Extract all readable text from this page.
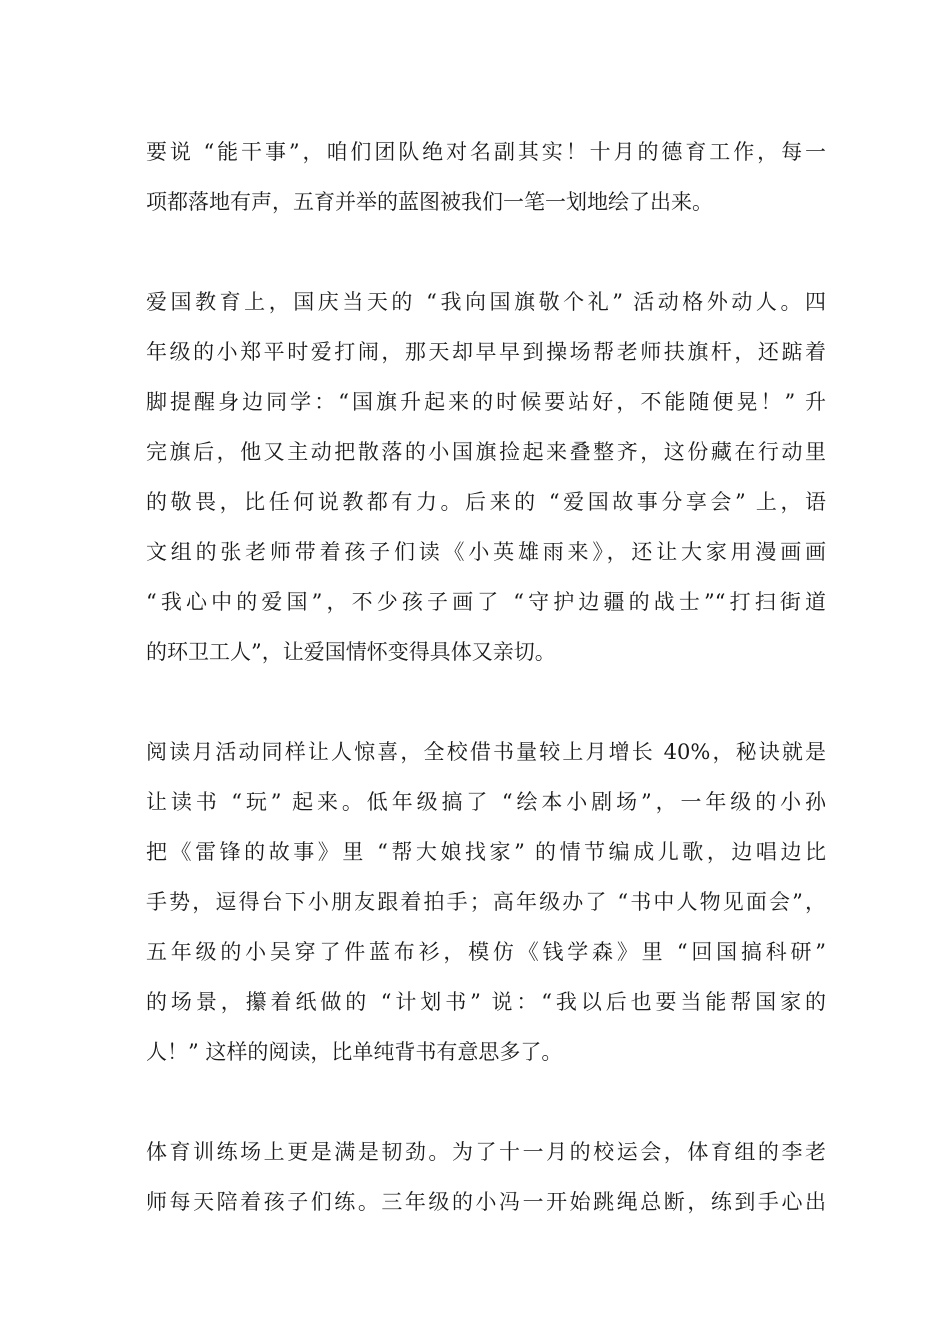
要说 “能干事”，咱们团队绝对名副其实！十月的德育工作，每一
项都落地有声，五育并举的蓝图被我们一笔一划地绘了出来。
爱国教育上，国庆当天的 “我向国旗敬个礼” 活动格外动人。四
年级的小郑平时爱打闹，那天却早早到操场帮老师扶旗杆，还踮着
脚提醒身边同学：“国旗升起来的时候要站好，不能随便晃！” 升
完旗后，他又主动把散落的小国旗捡起来叠整齐，这份藏在行动里
的敬畏，比任何说教都有力。后来的 “爱国故事分享会” 上，语
文组的张老师带着孩子们读《小英雄雨来》，还让大家用漫画画
“我心中的爱国”，不少孩子画了 “守护边疆的战士”“打扫街道
的环卫工人”，让爱国情怀变得具体又亲切。
阅读月活动同样让人惊喜，全校借书量较上月增长 40%，秘诀就是
让读书 “玩” 起来。低年级搞了 “绘本小剧场”，一年级的小孙
把《雷锋的故事》里 “帮大娘找家” 的情节编成儿歌，边唱边比
手势，逗得台下小朋友跟着拍手；高年级办了 “书中人物见面会”，
五年级的小吴穿了件蓝布衫，模仿《钱学森》里 “回国搞科研”
的场景，攥着纸做的 “计划书” 说：“我以后也要当能帮国家的
人！” 这样的阅读，比单纯背书有意思多了。
体育训练场上更是满是韧劲。为了十一月的校运会，体育组的李老
师每天陪着孩子们练。三年级的小冯一开始跳绳总断，练到手心出
